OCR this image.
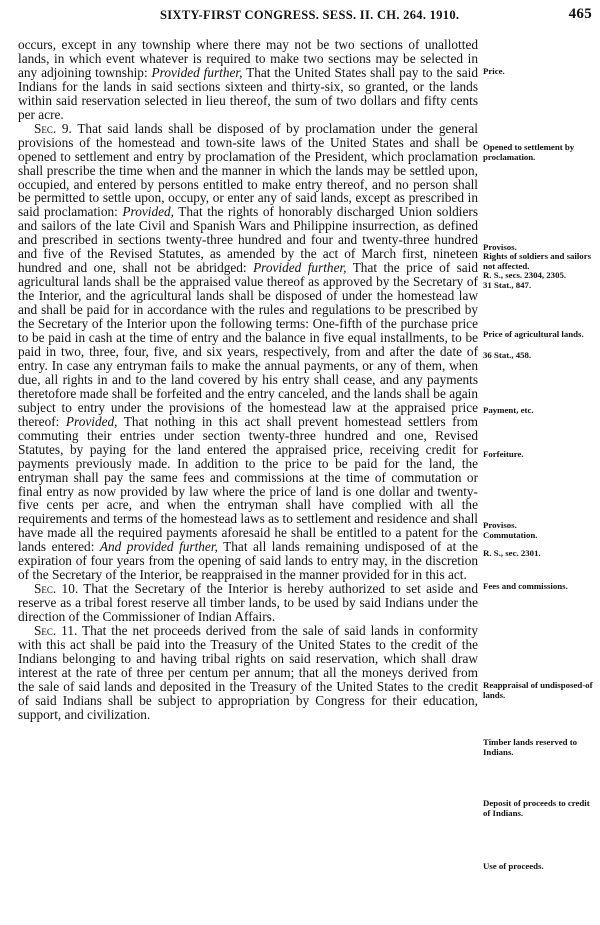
SIXTY-FIRST CONGRESS. SESS. II. CH. 264. 1910.	465

occurs, except in any township where there may not be two sections of unallotted lands, in which event whatever is required to make two sections may be selected in any adjoining township: Provided further, That the United States shall pay to the said Indians for the lands in said sections sixteen and thirty-six, so granted, or the lands within said reservation selected in lieu thereof, the sum of two dollars and fifty cents per acre.

Sec. 9. That said lands shall be disposed of by proclamation under the general provisions of the homestead and town-site laws of the United States and shall be opened to settlement and entry by proclamation of the President, which proclamation shall prescribe the time when and the manner in which the lands may be settled upon, occupied, and entered by persons entitled to make entry thereof, and no person shall be permitted to settle upon, occupy, or enter any of said lands, except as prescribed in said proclamation: Provided, That the rights of honorably discharged Union soldiers and sailors of the late Civil and Spanish Wars and Philippine insurrection, as defined and prescribed in sections twenty-three hundred and four and twenty-three hundred and five of the Revised Statutes, as amended by the act of March first, nineteen hundred and one, shall not be abridged: Provided further, That the price of said agricultural lands shall be the appraised value thereof as approved by the Secretary of the Interior, and the agricultural lands shall be disposed of under the homestead law and shall be paid for in accordance with the rules and regulations to be prescribed by the Secretary of the Interior upon the following terms: One-fifth of the purchase price to be paid in cash at the time of entry and the balance in five equal installments, to be paid in two, three, four, five, and six years, respectively, from and after the date of entry. In case any entryman fails to make the annual payments, or any of them, when due, all rights in and to the land covered by his entry shall cease, and any payments theretofore made shall be forfeited and the entry canceled, and the lands shall be again subject to entry under the provisions of the homestead law at the appraised price thereof: Provided, That nothing in this act shall prevent homestead settlers from commuting their entries under section twenty-three hundred and one, Revised Statutes, by paying for the land entered the appraised price, receiving credit for payments previously made. In addition to the price to be paid for the land, the entryman shall pay the same fees and commissions at the time of commutation or final entry as now provided by law where the price of land is one dollar and twenty-five cents per acre, and when the entryman shall have complied with all the requirements and terms of the homestead laws as to settlement and residence and shall have made all the required payments aforesaid he shall be entitled to a patent for the lands entered: And provided further, That all lands remaining undisposed of at the expiration of four years from the opening of said lands to entry may, in the discretion of the Secretary of the Interior, be reappraised in the manner provided for in this act.

Sec. 10. That the Secretary of the Interior is hereby authorized to set aside and reserve as a tribal forest reserve all timber lands, to be used by said Indians under the direction of the Commissioner of Indian Affairs.

Sec. 11. That the net proceeds derived from the sale of said lands in conformity with this act shall be paid into the Treasury of the United States to the credit of the Indians belonging to and having tribal rights on said reservation, which shall draw interest at the rate of three per centum per annum; that all the moneys derived from the sale of said lands and deposited in the Treasury of the United States to the credit of said Indians shall be subject to appropriation by Congress for their education, support, and civilization.

Price.
Opened to settlement by proclamation.
Provisos.
Rights of soldiers and sailors not affected.
R. S., secs. 2304, 2305.
31 Stat., 847.
Price of agricultural lands.
36 Stat., 458.
Payment, etc.
Forfeiture.
Provisos.
Commutation.
R. S., sec. 2301.
Fees and commissions.
Reappraisal of undisposed-of lands.
Timber lands reserved to Indians.
Deposit of proceeds to credit of Indians.
Use of proceeds.
